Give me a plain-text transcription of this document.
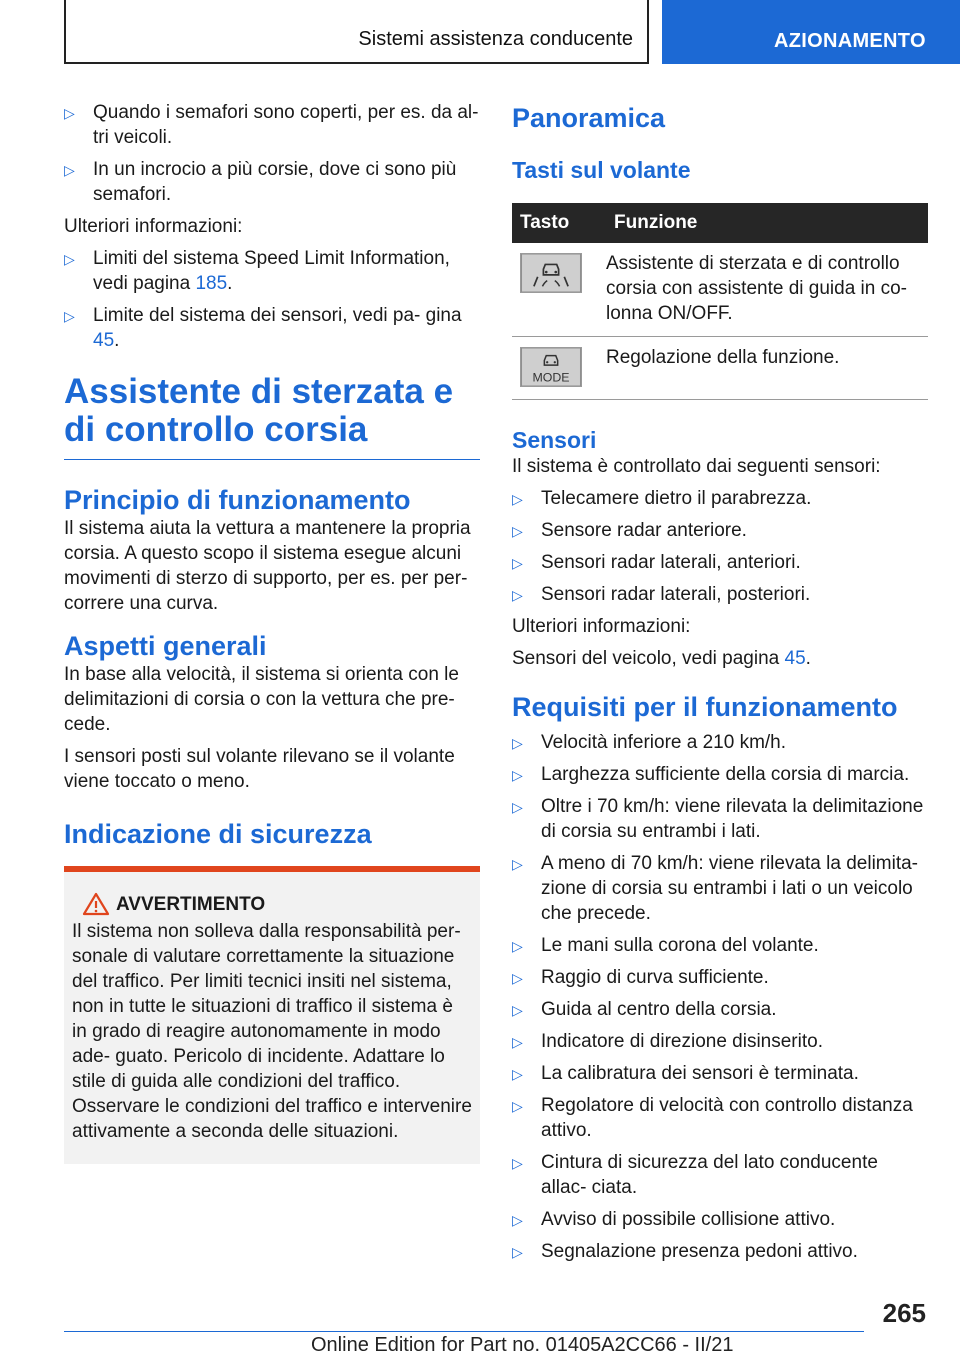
Sistemi assistenza conducente	AZIONAMENTO
▷ Quando i semafori sono coperti, per es. da al‐ tri veicoli.
▷ In un incrocio a più corsie, dove ci sono più semafori.

Ulteriori informazioni:

▷ Limiti del sistema Speed Limit Information, vedi pagina 185.
▷ Limite del sistema dei sensori, vedi pa‐ gina 45.
Assistente di sterzata e di controllo corsia
Principio di funzionamento

Il sistema aiuta la vettura a mantenere la propria corsia. A questo scopo il sistema esegue alcuni movimenti di sterzo di supporto, per es. per per‐ correre una curva.

Aspetti generali

In base alla velocità, il sistema si orienta con le delimitazioni di corsia o con la vettura che pre‐ cede.

I sensori posti sul volante rilevano se il volante viene toccato o meno.

Indicazione di sicurezza
AVVERTIMENTO
Il sistema non solleva dalla responsabilità per‐ sonale di valutare correttamente la situazione del traffico. Per limiti tecnici insiti nel sistema, non in tutte le situazioni di traffico il sistema è in grado di reagire autonomamente in modo ade‐ guato. Pericolo di incidente. Adattare lo stile di guida alle condizioni del traffico. Osservare le condizioni del traffico e intervenire attivamente a seconda delle situazioni.
Panoramica
Tasti sul volante
Tasto	Funzione

	Assistente di sterzata e di controllo corsia con assistente di guida in co‐ lonna ON/OFF.

MODE	Regolazione della funzione.
Sensori

Il sistema è controllato dai seguenti sensori:

▷ Telecamere dietro il parabrezza.
▷ Sensore radar anteriore.
▷ Sensori radar laterali, anteriori.
▷ Sensori radar laterali, posteriori.

Ulteriori informazioni:

Sensori del veicolo, vedi pagina 45.

Requisiti per il funzionamento
▷ Velocità inferiore a 210 km/h.
▷ Larghezza sufficiente della corsia di marcia.
▷ Oltre i 70 km/h: viene rilevata la delimitazione di corsia su entrambi i lati.
▷ A meno di 70 km/h: viene rilevata la delimita‐ zione di corsia su entrambi i lati o un veicolo che precede.
▷ Le mani sulla corona del volante.
▷ Raggio di curva sufficiente.
▷ Guida al centro della corsia.
▷ Indicatore di direzione disinserito.
▷ La calibratura dei sensori è terminata.
▷ Regolatore di velocità con controllo distanza attivo.
▷ Cintura di sicurezza del lato conducente allac‐ ciata.
▷ Avviso di possibile collisione attivo.
▷ Segnalazione presenza pedoni attivo.
265
Online Edition for Part no. 01405A2CC66 - II/21
